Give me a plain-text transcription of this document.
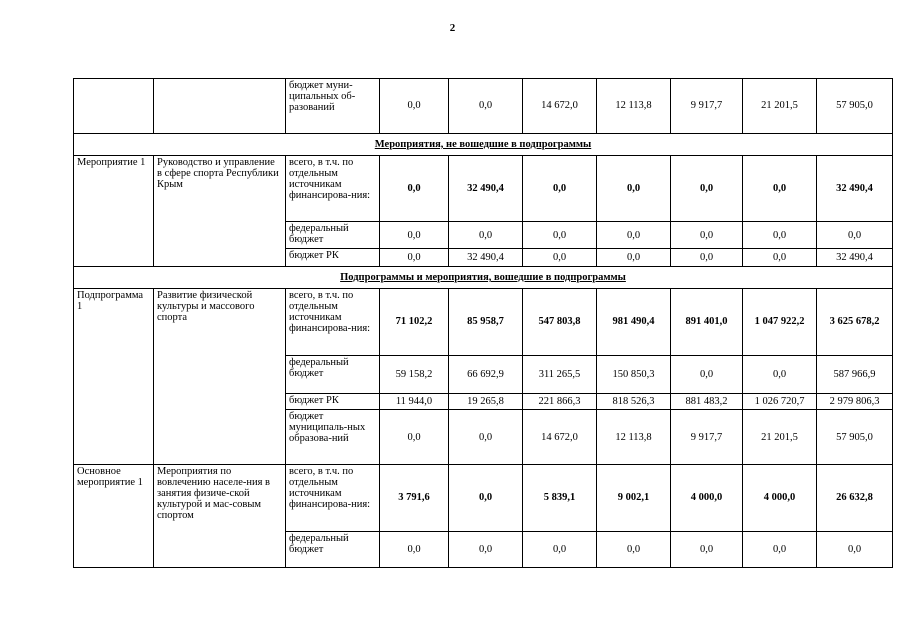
2
		бюджет муни-ципальных об-разований	0,0	0,0	14 672,0	12 113,8	9 917,7	21 201,5	57 905,0
Мероприятия, не вошедшие в подпрограммы									
Мероприятие 1	Руководство и управление в сфере спорта Республики Крым	всего, в т.ч. по отдельным источникам финансирова-ния:	0,0	32 490,4	0,0	0,0	0,0	0,0	32 490,4
		федеральный бюджет	0,0	0,0	0,0	0,0	0,0	0,0	0,0
		бюджет РК	0,0	32 490,4	0,0	0,0	0,0	0,0	32 490,4
Подпрограммы и мероприятия, вошедшие в подпрограммы									
Подпрограмма 1	Развитие физической культуры и массового спорта	всего, в т.ч. по отдельным источникам финансирова-ния:	71 102,2	85 958,7	547 803,8	981 490,4	891 401,0	1 047 922,2	3 625 678,2
		федеральный бюджет	59 158,2	66 692,9	311 265,5	150 850,3	0,0	0,0	587 966,9
		бюджет РК	11 944,0	19 265,8	221 866,3	818 526,3	881 483,2	1 026 720,7	2 979 806,3
		бюджет муниципаль-ных образова-ний	0,0	0,0	14 672,0	12 113,8	9 917,7	21 201,5	57 905,0
Основное мероприятие 1	Мероприятия по вовлечению населе-ния в занятия физиче-ской культурой и мас-совым спортом	всего, в т.ч. по отдельным источникам финансирова-ния:	3 791,6	0,0	5 839,1	9 002,1	4 000,0	4 000,0	26 632,8
		федеральный бюджет	0,0	0,0	0,0	0,0	0,0	0,0	0,0
